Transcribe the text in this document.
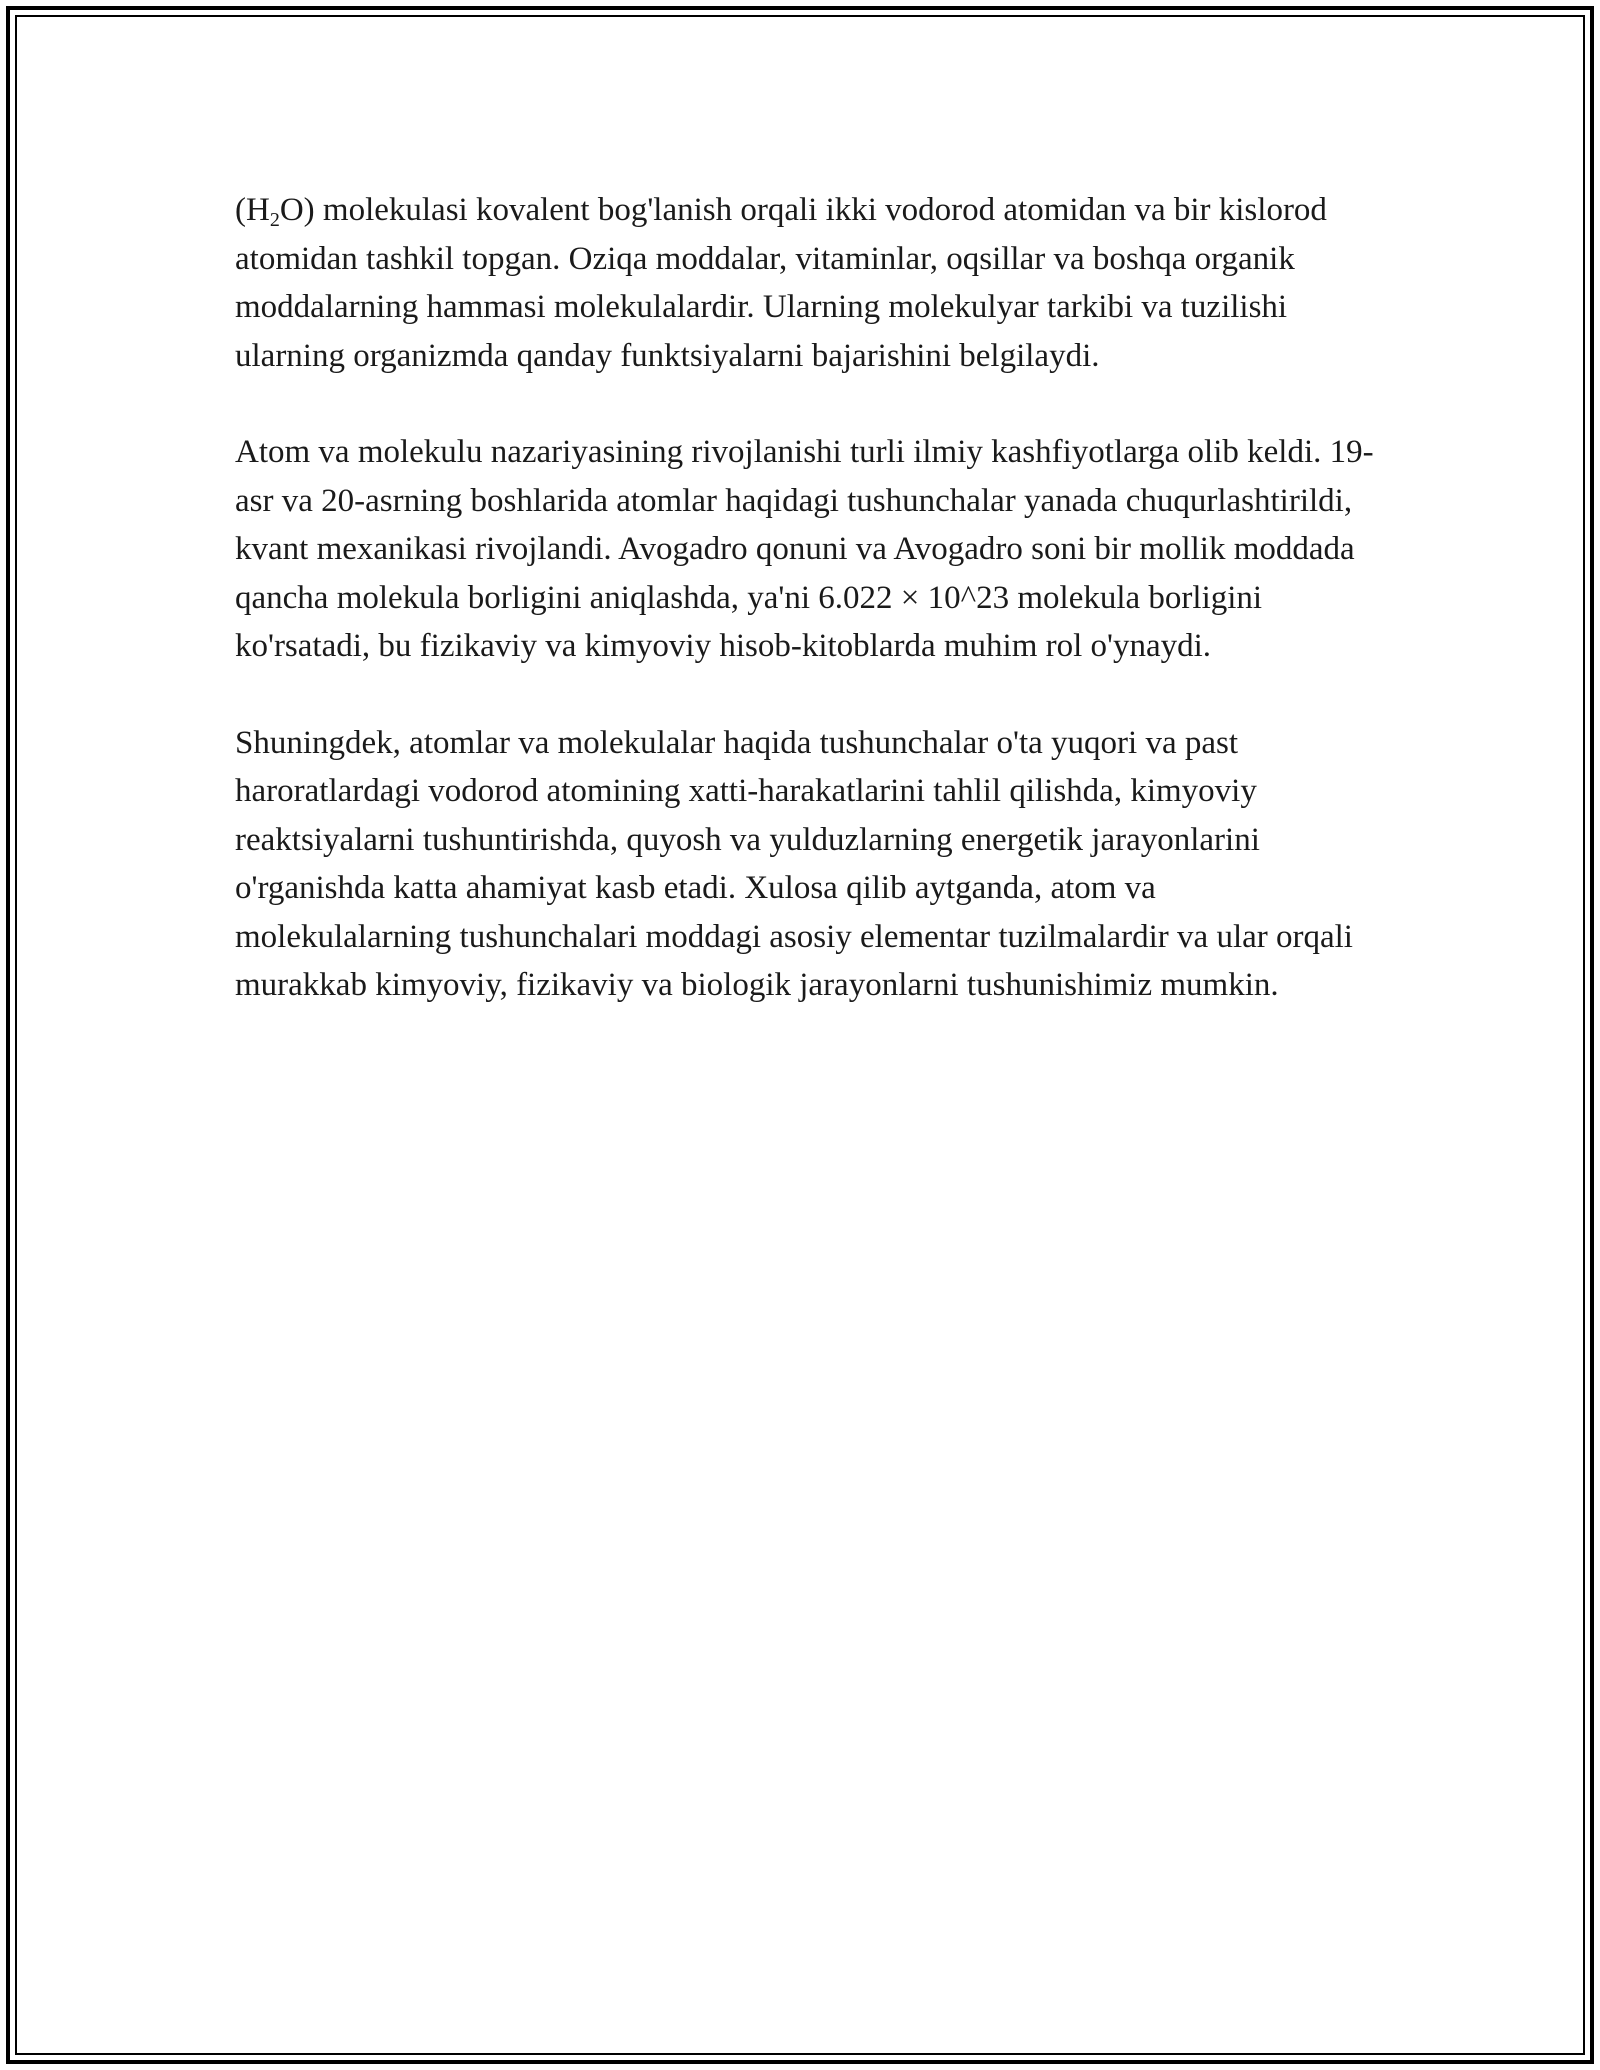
$(H_2O)$ molekulasi kovalent bog'lanish orqali ikki vodorod atomidan va bir kislorod atomidan tashkil topgan. Oziqa moddalar, vitaminlar, oqsillar va boshqa organik moddalarning hammasi molekulalardir. Ularning molekulyar tarkibi va tuzilishi ularning organizmda qanday funktsiyalarni bajarishini belgilaydi.

Atom va molekulu nazariyasining rivojlanishi turli ilmiy kashfiyotlarga olib keldi. 19-asr va 20-asrning boshlarida atomlar haqidagi tushunchalar yanada chuqurlashtirildi, kvant mexanikasi rivojlandi. Avogadro qonuni va Avogadro soni bir mollik moddada qancha molekula borligini aniqlashda, ya'ni 6.022 × 10^23 molekula borligini ko'rsatadi, bu fizikaviy va kimyoviy hisob-kitoblarda muhim rol o'ynaydi.

Shuningdek, atomlar va molekulalar haqida tushunchalar o'ta yuqori va past haroratlardagi vodorod atomining xatti-harakatlarini tahlil qilishda, kimyoviy reaktsiyalarni tushuntirishda, quyosh va yulduzlarning energetik jarayonlarini o'rganishda katta ahamiyat kasb etadi. Xulosa qilib aytganda, atom va molekulalarning tushunchalari moddagi asosiy elementar tuzilmalardir va ular orqali murakkab kimyoviy, fizikaviy va biologik jarayonlarni tushunishimiz mumkin.
